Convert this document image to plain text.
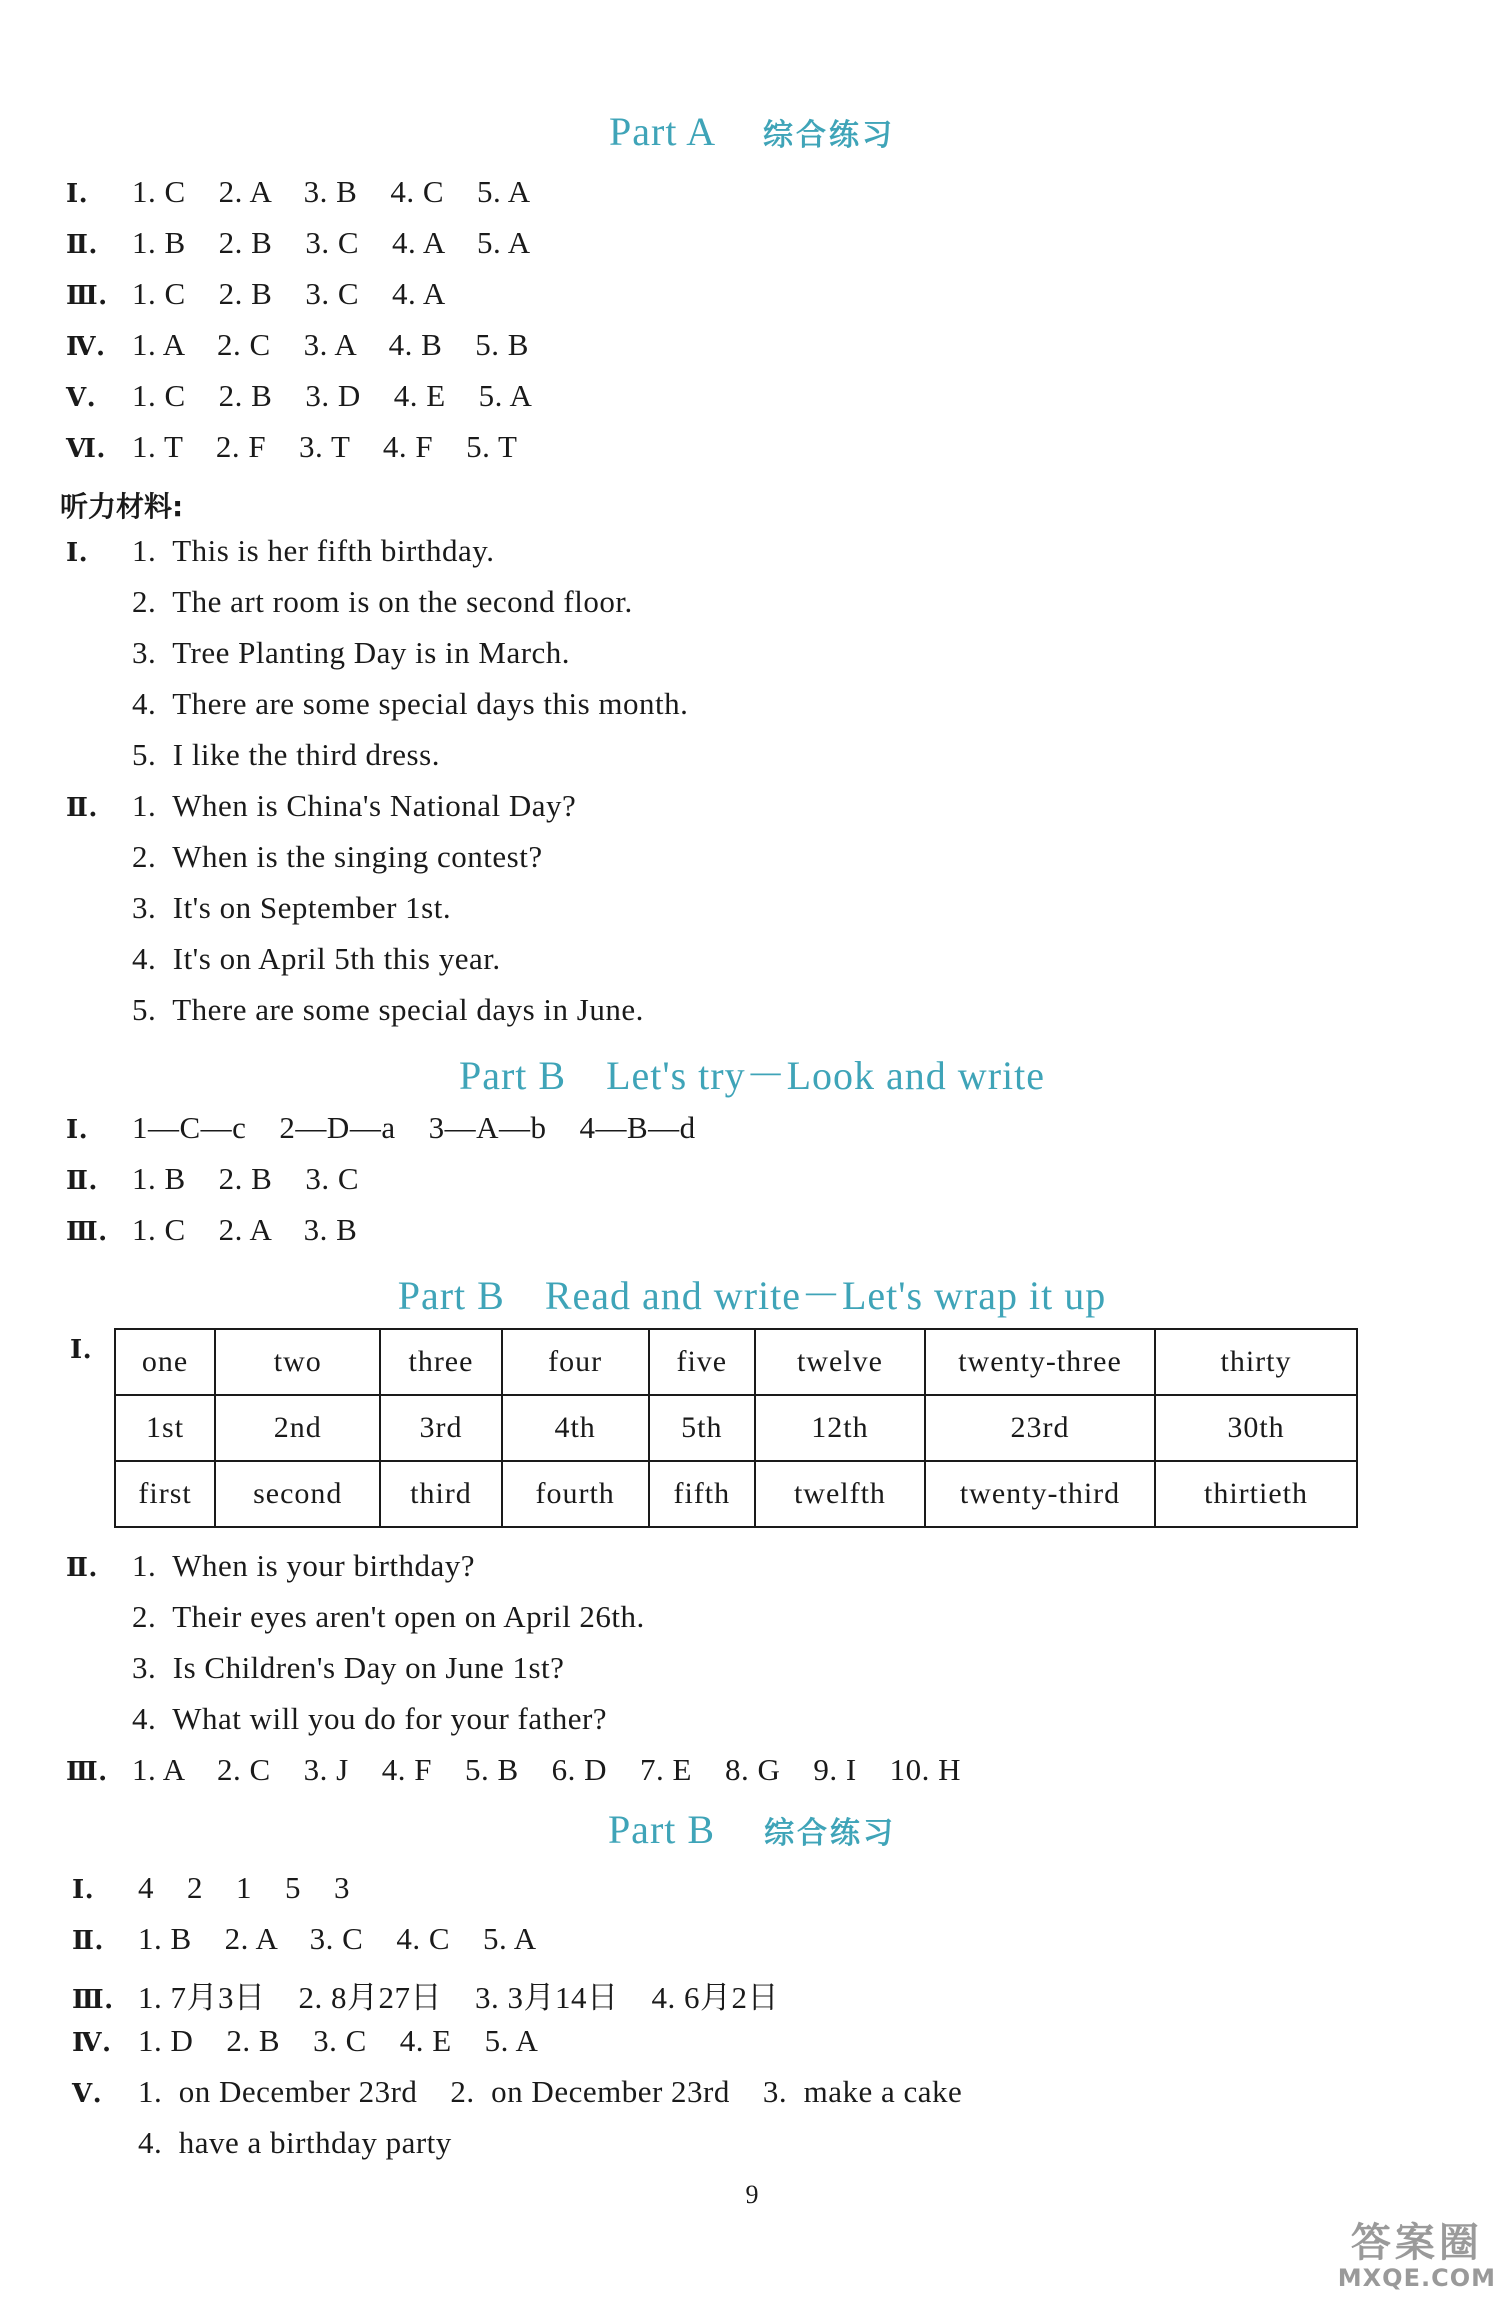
Part A 综合练习
Ⅰ. 1. C    2. A    3. B    4. C    5. A
Ⅱ. 1. B    2. B    3. C    4. A    5. A
Ⅲ. 1. C    2. B    3. C    4. A
Ⅳ. 1. A    2. C    3. A    4. B    5. B
Ⅴ. 1. C    2. B    3. D    4. E    5. A
Ⅵ. 1. T    2. F    3. T    4. F    5. T
听力材料:
Ⅰ. 1.  This is her fifth birthday.
2.  The art room is on the second floor.
3.  Tree Planting Day is in March.
4.  There are some special days this month.
5.  I like the third dress.
Ⅱ. 1.  When is China's National Day?
2.  When is the singing contest?
3.  It's on September 1st.
4.  It's on April 5th this year.
5.  There are some special days in June.
Part B Let's try－Look and write
Ⅰ. 1—C—c    2—D—a    3—A—b    4—B—d
Ⅱ. 1. B    2. B    3. C
Ⅲ. 1. C    2. A    3. B
Part B Read and write－Let's wrap it up
Ⅰ.	one	two	three	four	five	twelve	twenty-three	thirty
1st	2nd	3rd	4th	5th	12th	23rd	30th
first	second	third	fourth	fifth	twelfth	twenty-third	thirtieth
Ⅱ. 1.  When is your birthday?
2.  Their eyes aren't open on April 26th.
3.  Is Children's Day on June 1st?
4.  What will you do for your father?
Ⅲ. 1. A    2. C    3. J    4. F    5. B    6. D    7. E    8. G    9. I    10. H
Part B 综合练习
Ⅰ. 4    2    1    5    3
Ⅱ. 1. B    2. A    3. C    4. C    5. A
Ⅲ. 1. 7月3日    2. 8月27日    3. 3月14日    4. 6月2日
Ⅳ. 1. D    2. B    3. C    4. E    5. A
Ⅴ. 1.  on December 23rd    2.  on December 23rd    3.  make a cake
4.  have a birthday party
9
答案圈
MXQE.COM
